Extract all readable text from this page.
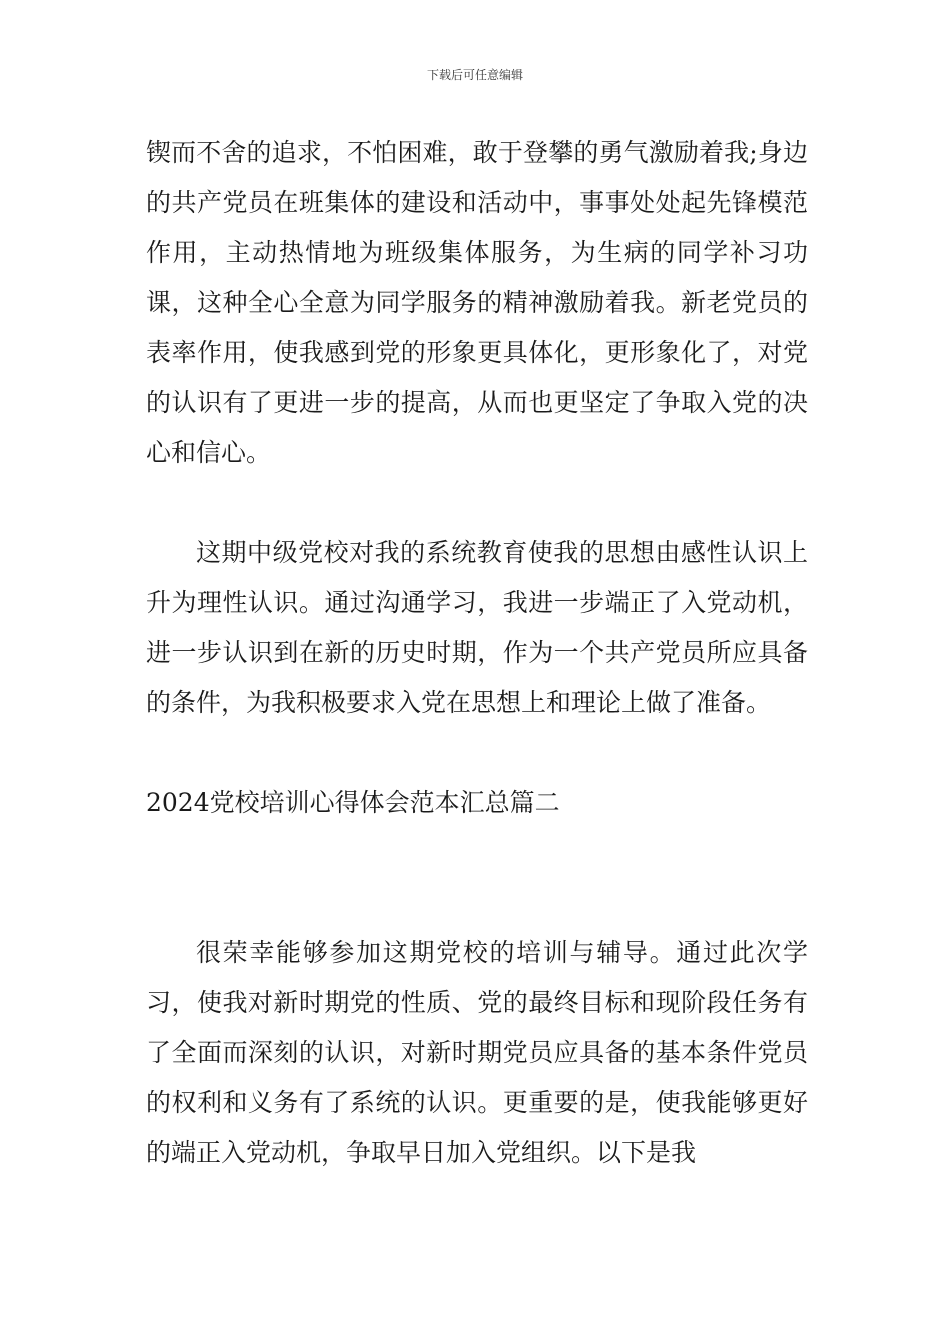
下载后可任意编辑

锲而不舍的追求，不怕困难，敢于登攀的勇气激励着我;身边的共产党员在班集体的建设和活动中，事事处处起先锋模范作用，主动热情地为班级集体服务，为生病的同学补习功课，这种全心全意为同学服务的精神激励着我。新老党员的表率作用，使我感到党的形象更具体化，更形象化了，对党的认识有了更进一步的提高，从而也更坚定了争取入党的决心和信心。

这期中级党校对我的系统教育使我的思想由感性认识上升为理性认识。通过沟通学习，我进一步端正了入党动机，进一步认识到在新的历史时期，作为一个共产党员所应具备的条件，为我积极要求入党在思想上和理论上做了准备。

2024党校培训心得体会范本汇总篇二

很荣幸能够参加这期党校的培训与辅导。通过此次学习，使我对新时期党的性质、党的最终目标和现阶段任务有了全面而深刻的认识，对新时期党员应具备的基本条件党员的权利和义务有了系统的认识。更重要的是，使我能够更好的端正入党动机，争取早日加入党组织。以下是我
